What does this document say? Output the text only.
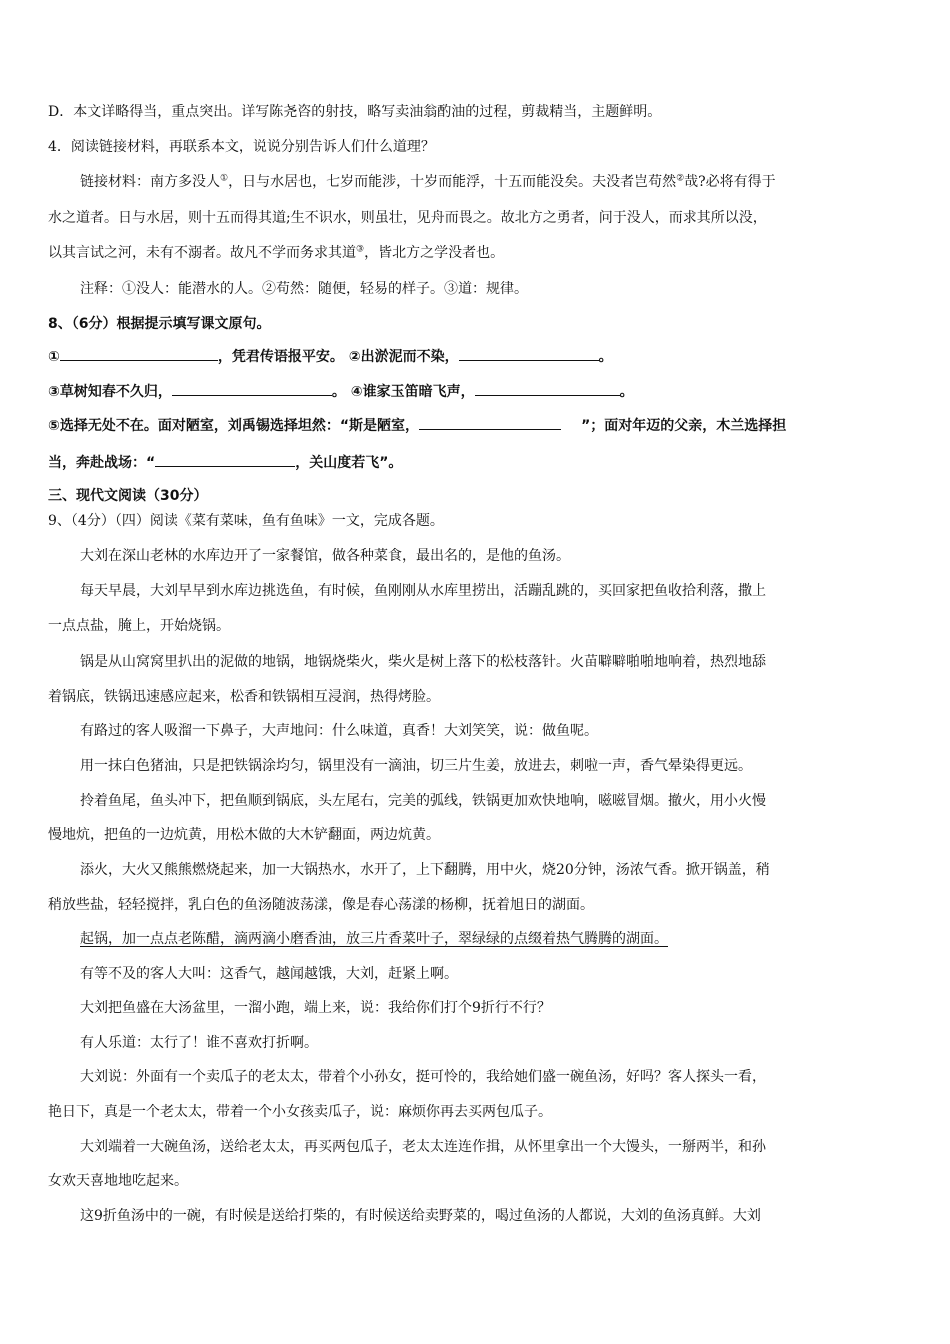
D．本文详略得当，重点突出。详写陈尧咨的射技，略写卖油翁酌油的过程，剪裁精当，主题鲜明。
4．阅读链接材料，再联系本文，说说分别告诉人们什么道理？
链接材料：南方多没人①，日与水居也，七岁而能涉，十岁而能浮，十五而能没矣。夫没者岂苟然②哉?必将有得于
水之道者。日与水居，则十五而得其道;生不识水，则虽壮，见舟而畏之。故北方之勇者，问于没人，而求其所以没，
以其言试之河，未有不溺者。故凡不学而务求其道③，皆北方之学没者也。
注释：①没人：能潜水的人。②苟然：随便，轻易的样子。③道：规律。
8、（6分）根据提示填写课文原句。
①	，凭君传语报平安。 ②出淤泥而不染，	。
③草树知春不久归，	。 ④谁家玉笛暗飞声，	。
⑤选择无处不在。面对陋室，刘禹锡选择坦然：“斯是陋室，	”；面对年迈的父亲，木兰选择担
当，奔赴战场：“	，关山度若飞”。
三、现代文阅读（30分）
9、（4分）（四）阅读《菜有菜味，鱼有鱼味》一文，完成各题。
大刘在深山老林的水库边开了一家餐馆，做各种菜食，最出名的，是他的鱼汤。
每天早晨，大刘早早到水库边挑选鱼，有时候，鱼刚刚从水库里捞出，活蹦乱跳的，买回家把鱼收拾利落，撒上
一点点盐，腌上，开始烧锅。
锅是从山窝窝里扒出的泥做的地锅，地锅烧柴火，柴火是树上落下的松枝落针。火苗噼噼啪啪地响着，热烈地舔
着锅底，铁锅迅速感应起来，松香和铁锅相互浸润，热得烤脸。
有路过的客人吸溜一下鼻子，大声地问：什么味道，真香！大刘笑笑，说：做鱼呢。
用一抹白色猪油，只是把铁锅涂均匀，锅里没有一滴油，切三片生姜，放进去，刺啦一声，香气晕染得更远。
拎着鱼尾，鱼头冲下，把鱼顺到锅底，头左尾右，完美的弧线，铁锅更加欢快地响，嗞嗞冒烟。撤火，用小火慢
慢地炕，把鱼的一边炕黄，用松木做的大木铲翻面，两边炕黄。
添火，大火又熊熊燃烧起来，加一大锅热水，水开了，上下翻腾，用中火，烧20分钟，汤浓气香。掀开锅盖，稍
稍放些盐，轻轻搅拌，乳白色的鱼汤随波荡漾，像是春心荡漾的杨柳，抚着旭日的湖面。
起锅，加一点点老陈醋，滴两滴小磨香油，放三片香菜叶子，翠绿绿的点缀着热气腾腾的湖面。
有等不及的客人大叫：这香气，越闻越饿，大刘，赶紧上啊。
大刘把鱼盛在大汤盆里，一溜小跑，端上来，说：我给你们打个9折行不行？
有人乐道：太行了！谁不喜欢打折啊。
大刘说：外面有一个卖瓜子的老太太，带着个小孙女，挺可怜的，我给她们盛一碗鱼汤，好吗？客人探头一看，
艳日下，真是一个老太太，带着一个小女孩卖瓜子，说：麻烦你再去买两包瓜子。
大刘端着一大碗鱼汤，送给老太太，再买两包瓜子，老太太连连作揖，从怀里拿出一个大馒头，一掰两半，和孙
女欢天喜地地吃起来。
这9折鱼汤中的一碗，有时候是送给打柴的，有时候送给卖野菜的，喝过鱼汤的人都说，大刘的鱼汤真鲜。大刘
